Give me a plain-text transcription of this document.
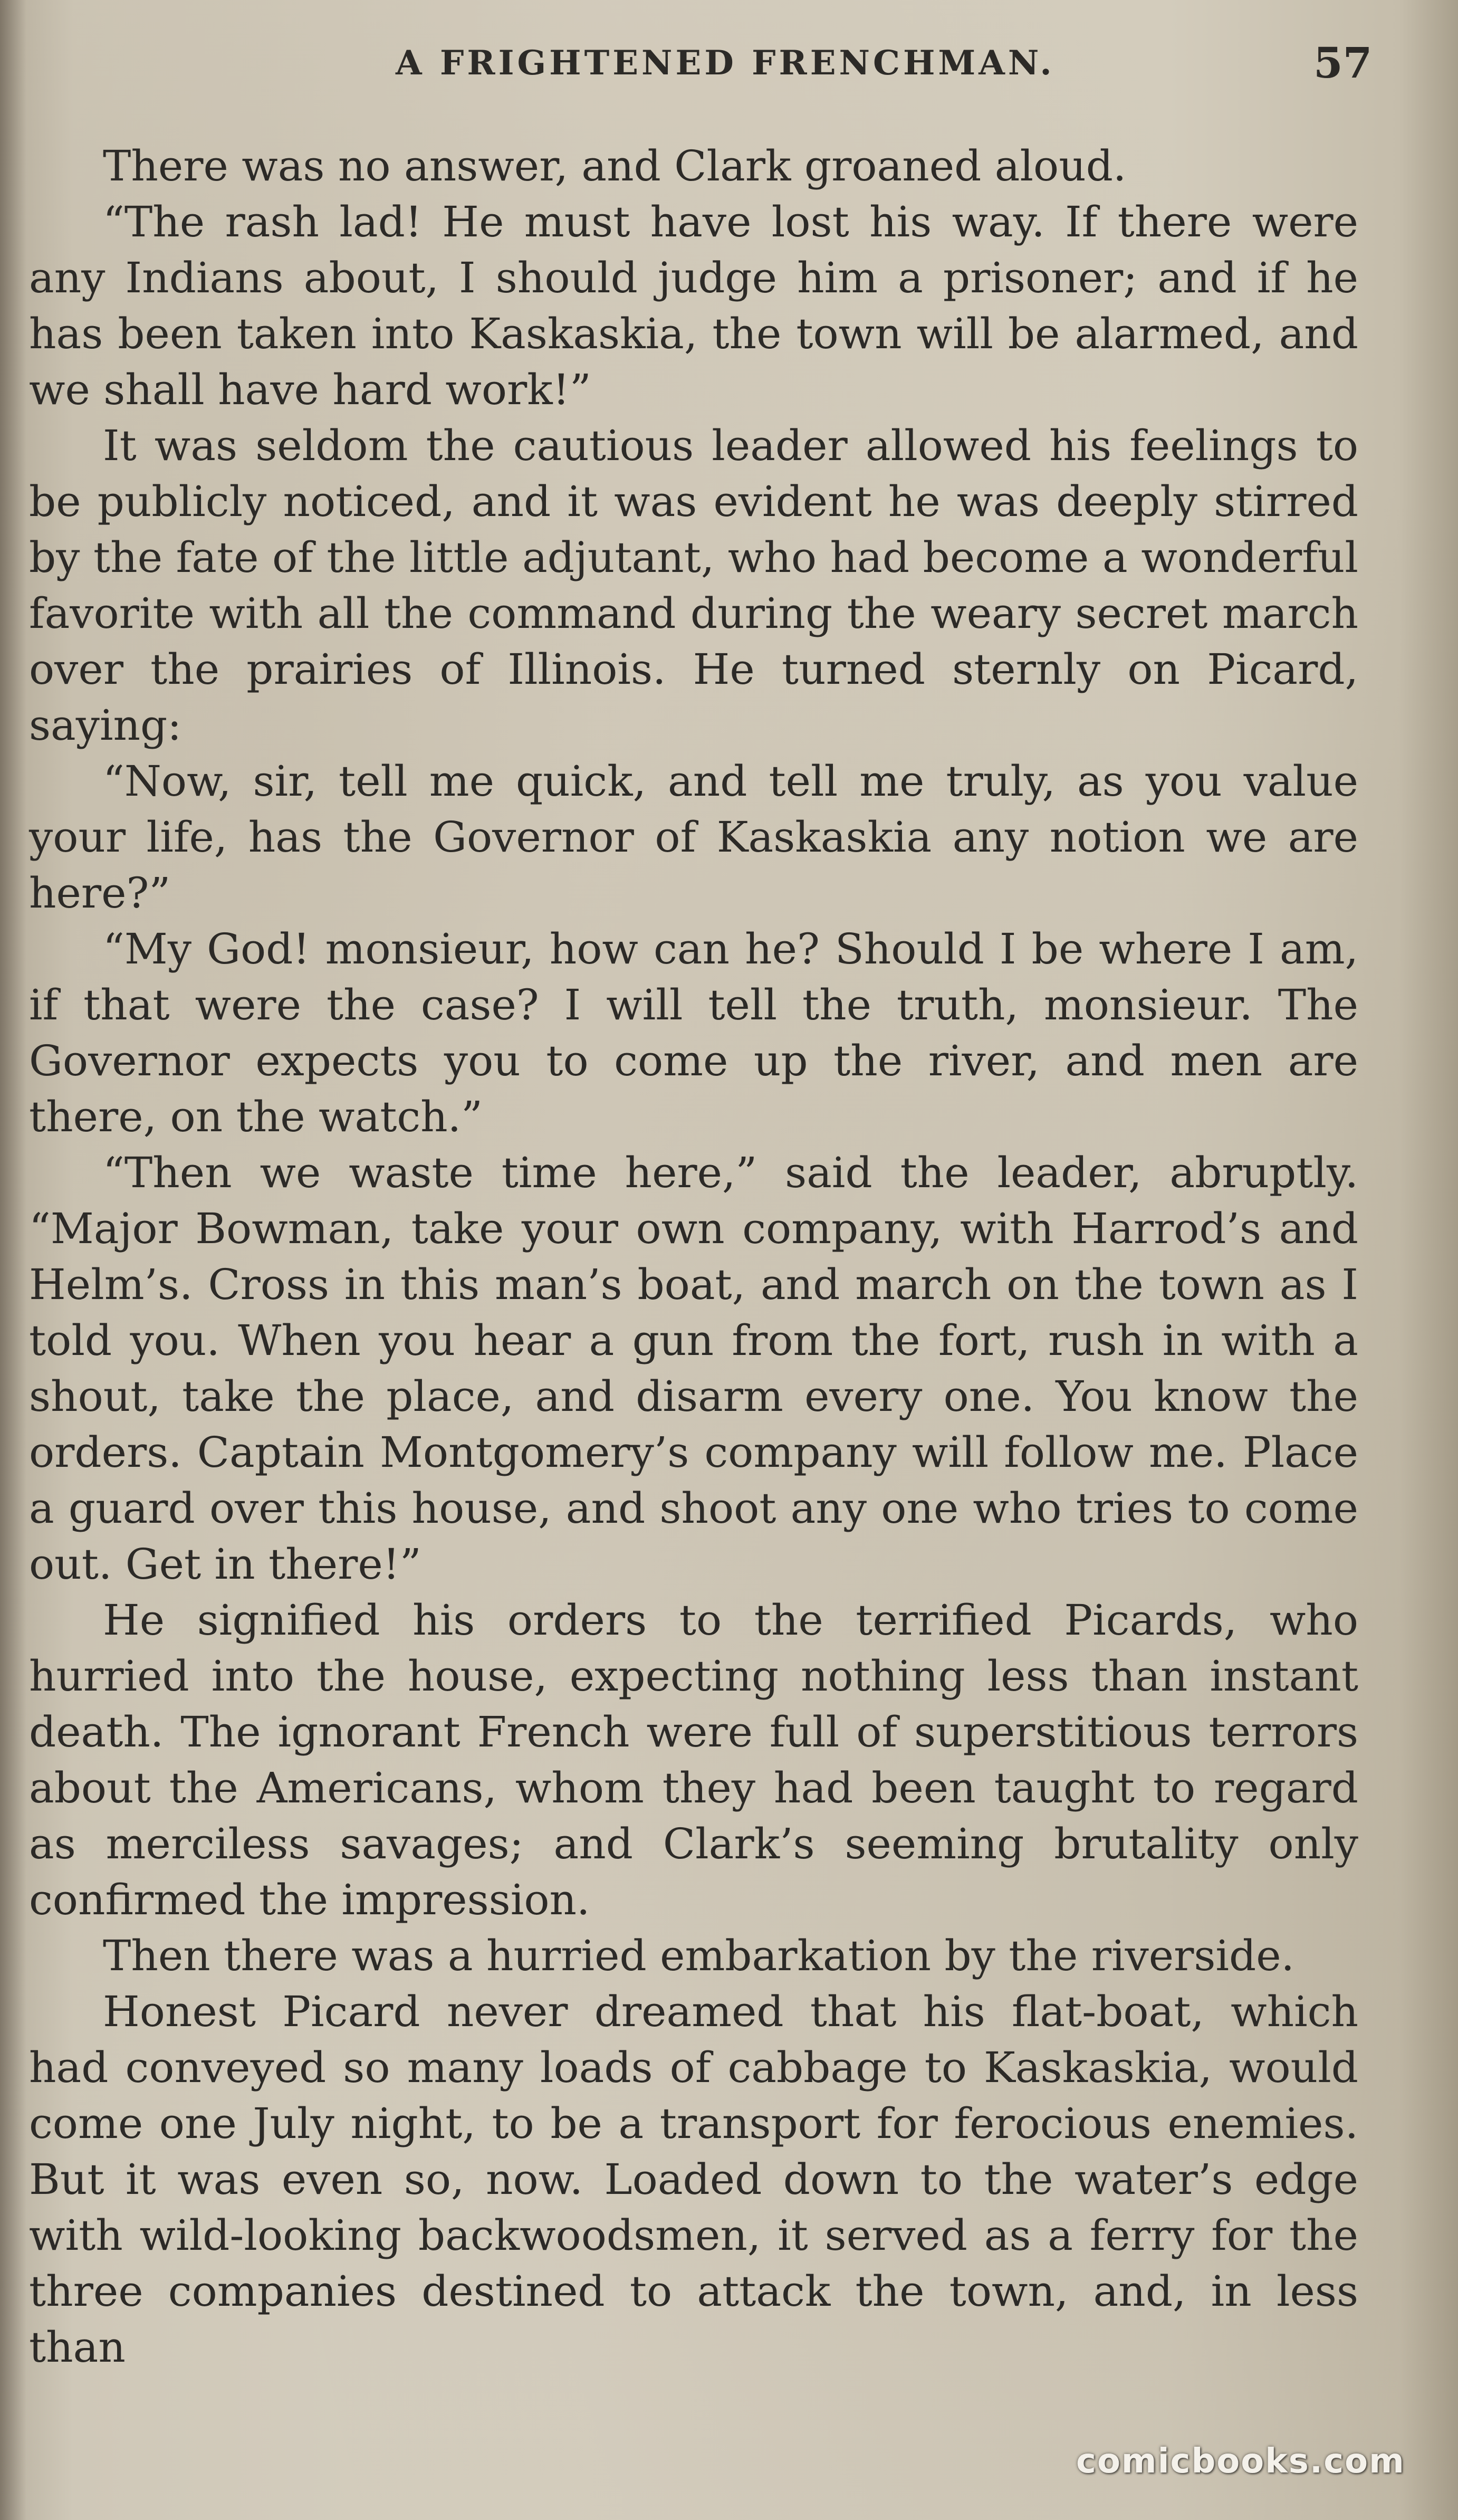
A FRIGHTENED FRENCHMAN.	57

There was no answer, and Clark groaned aloud.

“The rash lad! He must have lost his way. If there were any Indians about, I should judge him a prisoner; and if he has been taken into Kaskaskia, the town will be alarmed, and we shall have hard work!”

It was seldom the cautious leader allowed his feelings to be publicly noticed, and it was evident he was deeply stirred by the fate of the little adjutant, who had become a wonderful favorite with all the command during the weary secret march over the prairies of Illinois. He turned sternly on Picard, saying:

“Now, sir, tell me quick, and tell me truly, as you value your life, has the Governor of Kaskaskia any notion we are here?”

“My God! monsieur, how can he? Should I be where I am, if that were the case? I will tell the truth, monsieur. The Governor expects you to come up the river, and men are there, on the watch.”

“Then we waste time here,” said the leader, abruptly. “Major Bowman, take your own company, with Harrod’s and Helm’s. Cross in this man’s boat, and march on the town as I told you. When you hear a gun from the fort, rush in with a shout, take the place, and disarm every one. You know the orders. Captain Montgomery’s company will follow me. Place a guard over this house, and shoot any one who tries to come out. Get in there!”

He signified his orders to the terrified Picards, who hurried into the house, expecting nothing less than instant death. The ignorant French were full of superstitious terrors about the Americans, whom they had been taught to regard as merciless savages; and Clark’s seeming brutality only confirmed the impression.

Then there was a hurried embarkation by the riverside.

Honest Picard never dreamed that his flat-boat, which had conveyed so many loads of cabbage to Kaskaskia, would come one July night, to be a transport for ferocious enemies. But it was even so, now. Loaded down to the water’s edge with wild-looking backwoodsmen, it served as a ferry for the three companies destined to attack the town, and, in less than

comicbooks.com
